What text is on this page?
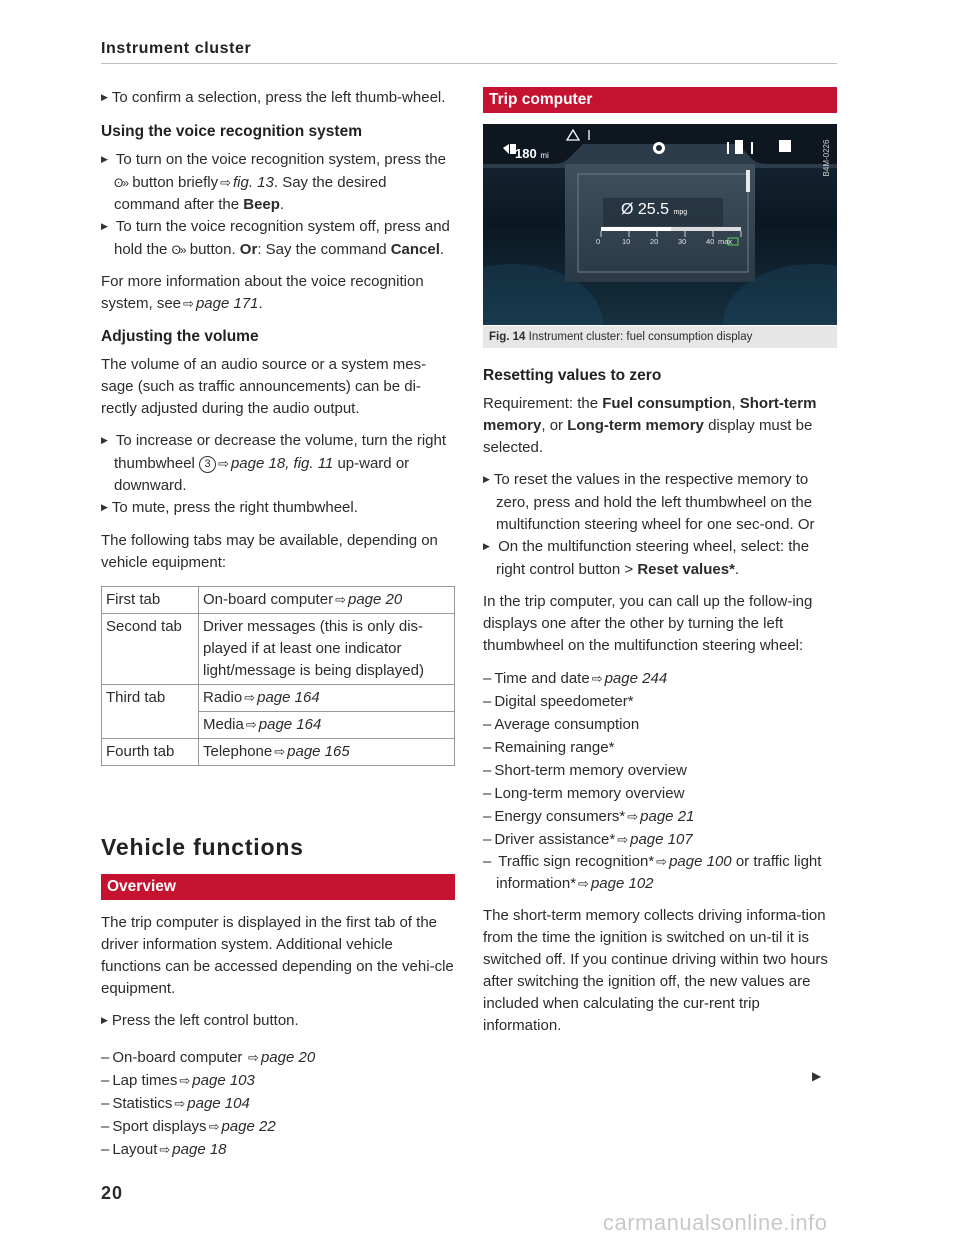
Instrument cluster
▶ To confirm a selection, press the left thumb-wheel.
Using the voice recognition system
▶ To turn on the voice recognition system, press the ʘ» button briefly ⇨ fig. 13. Say the desired command after the Beep.
▶ To turn the voice recognition system off, press and hold the ʘ» button. Or: Say the command Cancel.

For more information about the voice recognition system, see ⇨ page 171.

Adjusting the volume

The volume of an audio source or a system mes-sage (such as traffic announcements) can be di-rectly adjusted during the audio output.

▶ To increase or decrease the volume, turn the right thumbwheel 3 ⇨ page 18, fig. 11 up-ward or downward.
▶ To mute, press the right thumbwheel.

The following tabs may be available, depending on vehicle equipment:

First tab	On-board computer ⇨ page 20
Second tab	Driver messages (this is only dis-played if at least one indicator light/message is being displayed)
Third tab	Radio ⇨ page 164
	Media ⇨ page 164
Fourth tab	Telephone ⇨ page 165
Vehicle functions
Overview

The trip computer is displayed in the first tab of the driver information system. Additional vehicle functions can be accessed depending on the vehi-cle equipment.

▶ Press the left control button.
– On-board computer ⇨ page 20
– Lap times ⇨ page 103
– Statistics ⇨ page 104
– Sport displays ⇨ page 22
– Layout ⇨ page 18
Trip computer
180 mi
Ø 25.5 mpg
0	10	20	30	40 max
B4M-0226
Fig. 14 Instrument cluster: fuel consumption display
Resetting values to zero

Requirement: the Fuel consumption, Short-term memory, or Long-term memory display must be selected.

▶ To reset the values in the respective memory to zero, press and hold the left thumbwheel on the multifunction steering wheel for one sec-ond. Or
▶ On the multifunction steering wheel, select: the right control button > Reset values*.

In the trip computer, you can call up the follow-ing displays one after the other by turning the left thumbwheel on the multifunction steering wheel:

– Time and date ⇨ page 244
– Digital speedometer*
– Average consumption
– Remaining range*
– Short-term memory overview
– Long-term memory overview
– Energy consumers* ⇨ page 21
– Driver assistance* ⇨ page 107
– Traffic sign recognition* ⇨ page 100 or traffic light information* ⇨ page 102

The short-term memory collects driving informa-tion from the time the ignition is switched on un-til it is switched off. If you continue driving within two hours after switching the ignition off, the new values are included when calculating the cur-rent trip information.

▶
20
carmanualsonline.info
